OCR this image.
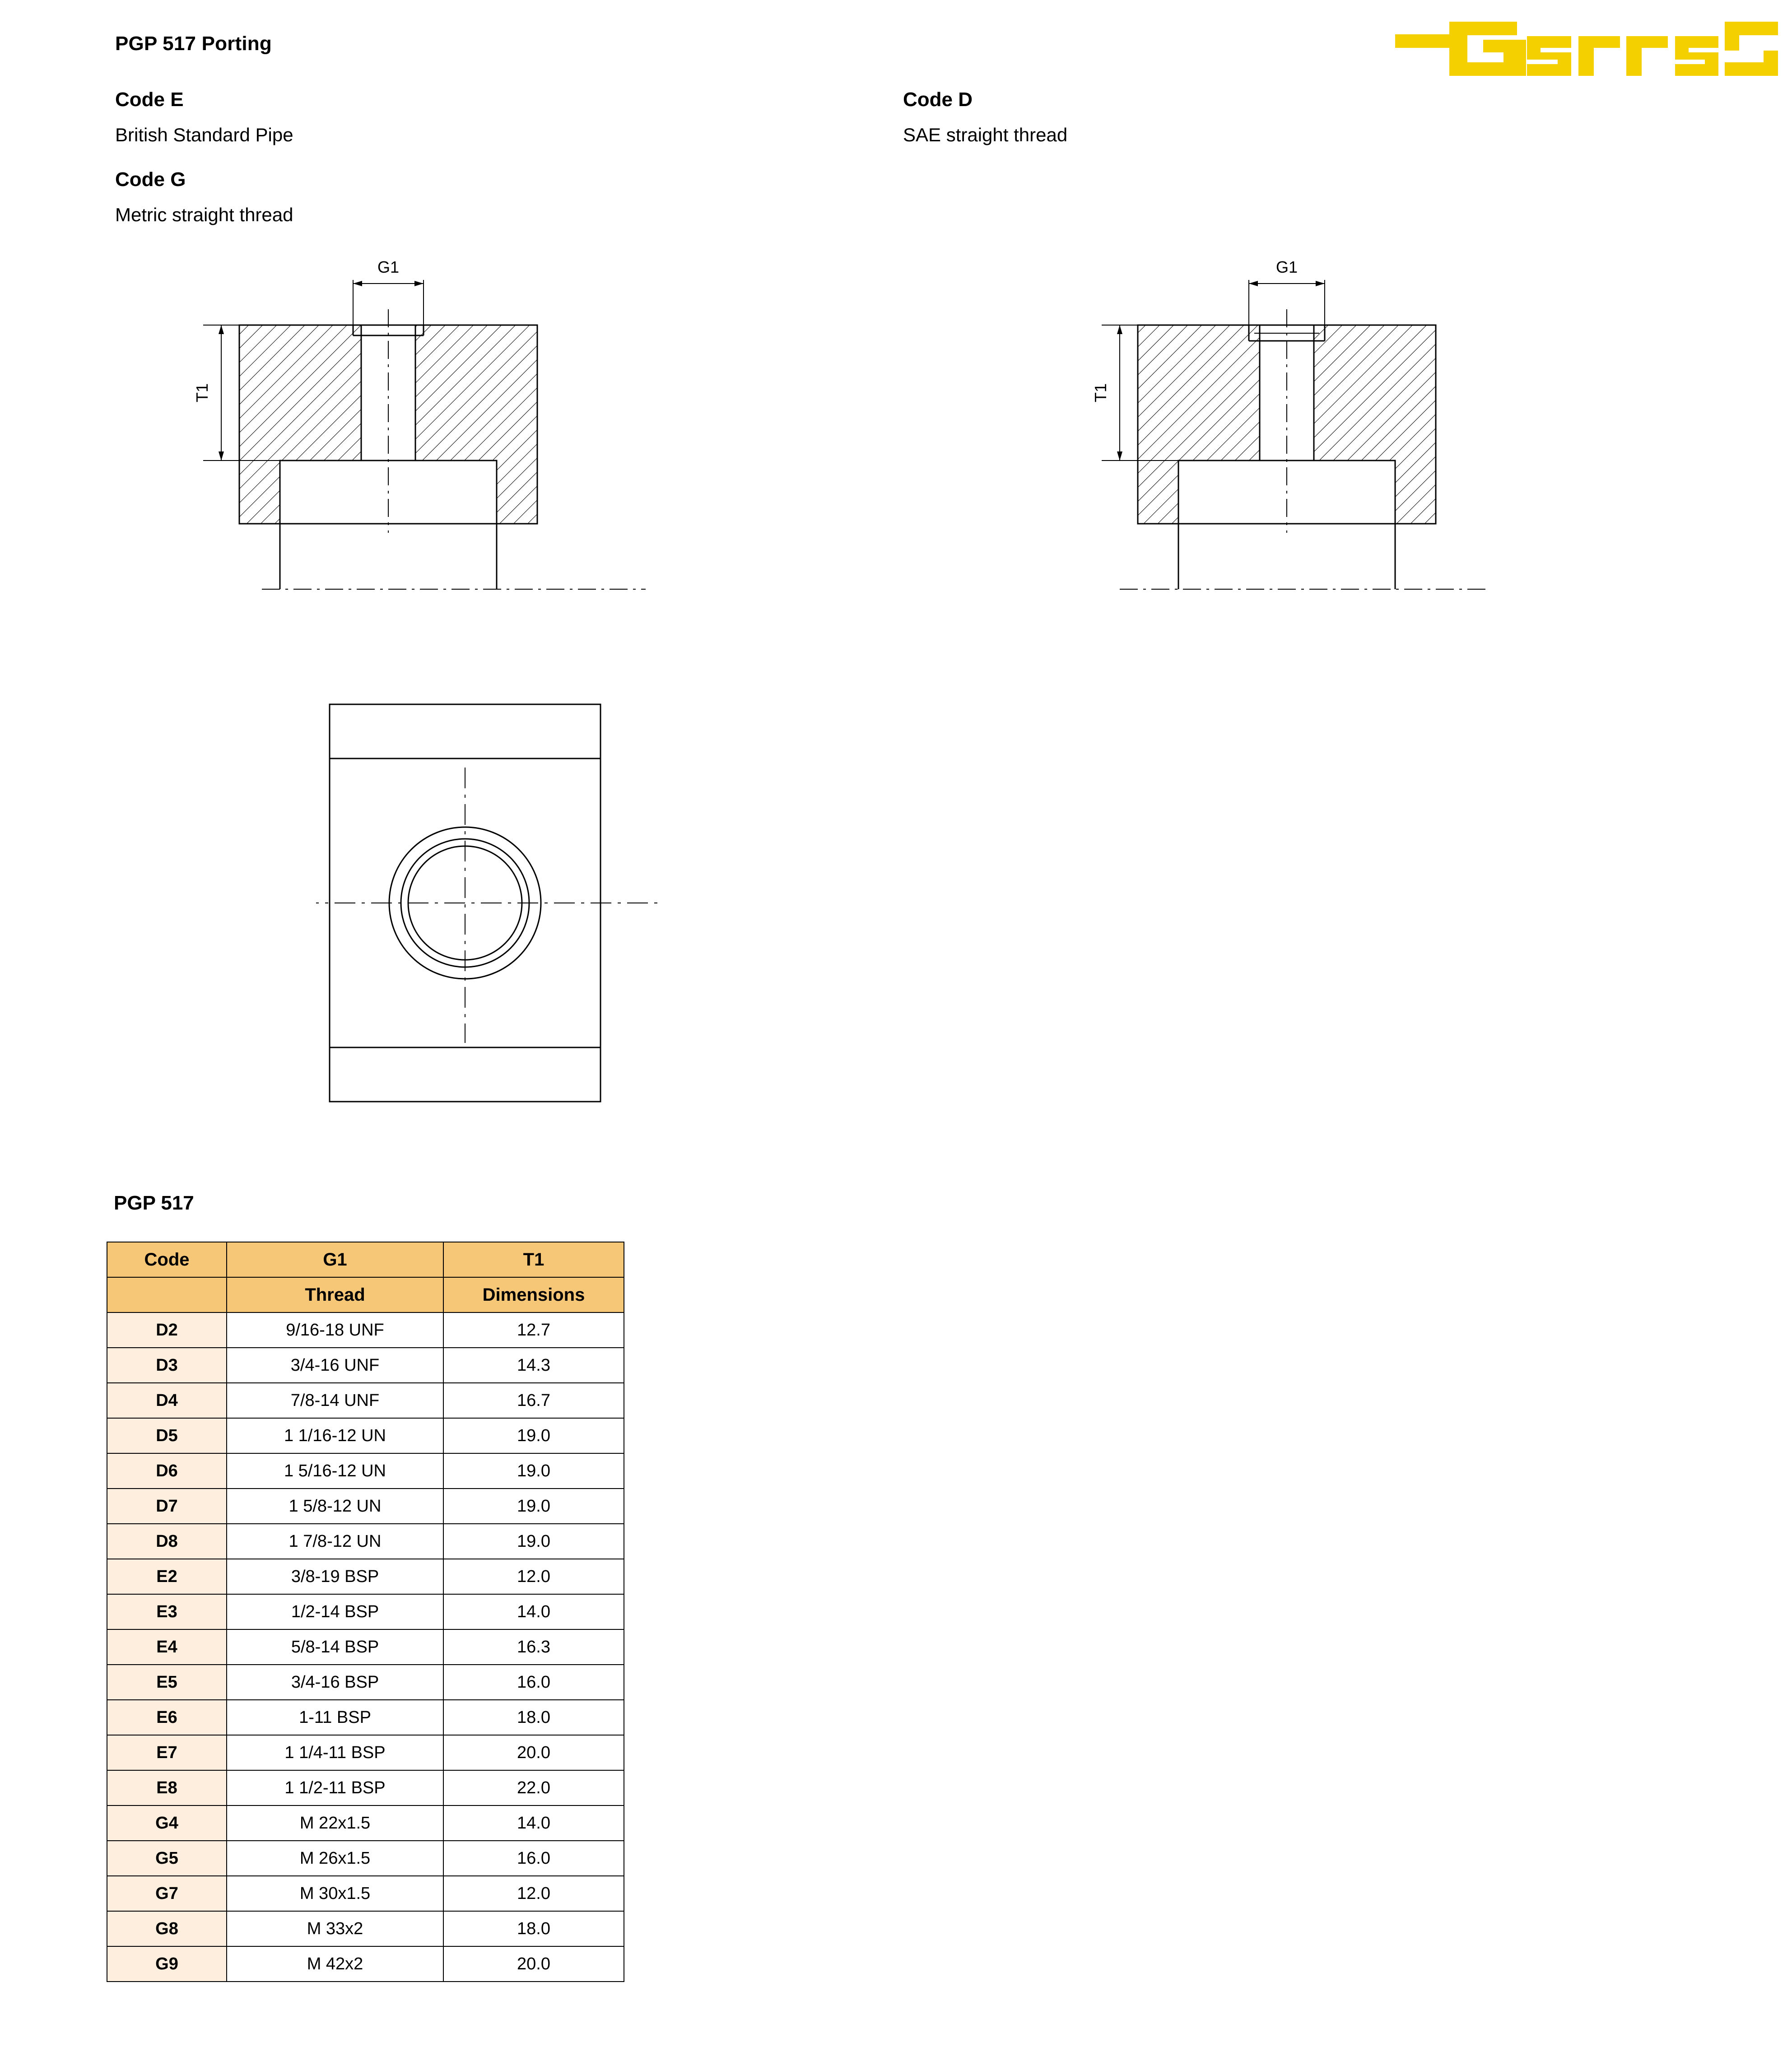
PGP 517 Porting
Code E
British Standard Pipe
Code G
Metric straight thread
Code D
SAE straight thread
G1
T1
G1
T1
PGP 517
Code	G1	T1
	Thread	Dimensions
D2	9/16-18 UNF	12.7
D3	3/4-16 UNF	14.3
D4	7/8-14 UNF	16.7
D5	1 1/16-12 UN	19.0
D6	1 5/16-12 UN	19.0
D7	1 5/8-12 UN	19.0
D8	1 7/8-12 UN	19.0
E2	3/8-19 BSP	12.0
E3	1/2-14 BSP	14.0
E4	5/8-14 BSP	16.3
E5	3/4-16 BSP	16.0
E6	1-11 BSP	18.0
E7	1 1/4-11 BSP	20.0
E8	1 1/2-11 BSP	22.0
G4	M 22x1.5	14.0
G5	M 26x1.5	16.0
G7	M 30x1.5	12.0
G8	M 33x2	18.0
G9	M 42x2	20.0
